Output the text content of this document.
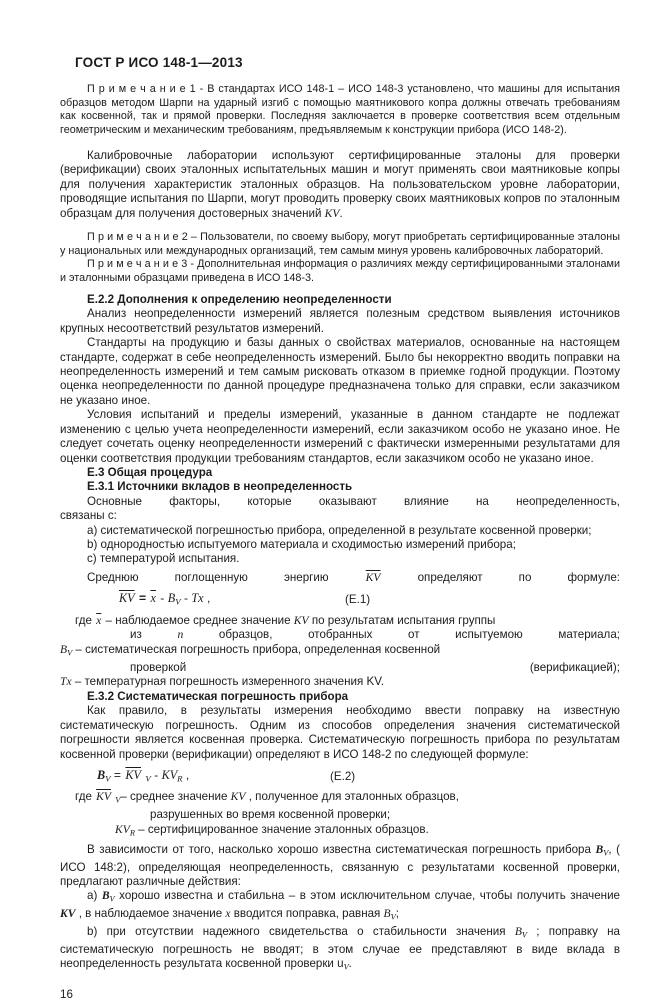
ГОСТ Р ИСО 148-1—2013

П р и м е ч а н и е 1 - В стандартах ИСО 148-1 – ИСО 148-3 установлено, что машины для испытания образцов методом Шарпи на ударный изгиб с помощью маятникового копра должны отвечать требованиям как косвенной, так и прямой проверки. Последняя заключается в проверке соответствия всем отдельным геометрическим и механическим требованиям, предъявляемым к конструкции прибора (ИСО 148-2).

Калибровочные лаборатории используют сертифицированные эталоны для проверки (верификации) своих эталонных испытательных машин и могут применять свои маятниковые копры для получения характеристик эталонных образцов. На пользовательском уровне лаборатории, проводящие испытания по Шарпи, могут проводить проверку своих маятниковых копров по эталонным образцам для получения достоверных значений KV.

П р и м е ч а н и е 2 – Пользователи, по своему выбору, могут приобретать сертифицированные эталоны у национальных или международных организаций, тем самым минуя уровень калибровочных лабораторий.

П р и м е ч а н и е 3 - Дополнительная информация о различиях между сертифицированными эталонами и эталонными образцами приведена в ИСО 148-3.

Е.2.2 Дополнения к определению неопределенности

Анализ неопределенности измерений является полезным средством выявления источников крупных несоответствий результатов измерений.

Стандарты на продукцию и базы данных о свойствах материалов, основанные на настоящем стандарте, содержат в себе неопределенность измерений. Было бы некорректно вводить поправки на неопределенность измерений и тем самым рисковать отказом в приемке годной продукции. Поэтому оценка неопределенности по данной процедуре предназначена только для справки, если заказчиком не указано иное.

Условия испытаний и пределы измерений, указанные в данном стандарте не подлежат изменению с целью учета неопределенности измерений, если заказчиком особо не указано иное. Не следует сочетать оценку неопределенности измерений с фактически измеренными результатами для оценки соответствия продукции требованиям стандартов, если заказчиком особо не указано иное.

Е.3 Общая процедура

Е.3.1 Источники вкладов в неопределенность

Основные факторы, которые оказывают влияние на неопределенность,
связаны с:

а) систематической погрешностью прибора, определенной в результате косвенной проверки;

b) однородностью испытуемого материала и сходимостью измерений прибора;

c) температурой испытания.

Среднюю поглощенную энергию $\overline{KV}$ определяют по формуле:

$\overline{KV} = \overline{x} - B_V - Tx$ ,	(Е.1)
где $\overline{x}$ – наблюдаемое среднее значение KV по результатам испытания группы
из n образцов, отобранных от испытуемою материала;
$B_V$ – систематическая погрешность прибора, определенная косвенной
проверкой	(верификацией);
Tx – температурная погрешность измеренного значения KV.

Е.3.2 Систематическая погрешность прибора

Как правило, в результаты измерения необходимо ввести поправку на известную систематическую погрешность. Одним из способов определения значения систематической погрешности является косвенная проверка. Систематическую погрешность прибора по результатам косвенной проверки (верификации) определяют в ИСО 148-2 по следующей формуле:

$B_V = \overline{KV}$ $_V - KV_R$ ,	(Е.2)
где $\overline{KV}$ $_V$– среднее значение KV , полученное для эталонных образцов,
разрушенных во время косвенной проверки;
$KV_R$ – сертифицированное значение эталонных образцов.

В зависимости от того, насколько хорошо известна систематическая погрешность прибора $B_V$, ( ИСО 148:2), определяющая неопределенность, связанную с результатами косвенной проверки, предлагают различные действия:

а) $B_V$ хорошо известна и стабильна – в этом исключительном случае, чтобы получить значение KV , в наблюдаемое значение x вводится поправка, равная $B_V$;

b) при отсутствии надежного свидетельства о стабильности значения $B_V$ ; поправку на систематическую погрешность не вводят; в этом случае ее представляют в виде вклада в неопределенность результата косвенной проверки $u_V$.

16
